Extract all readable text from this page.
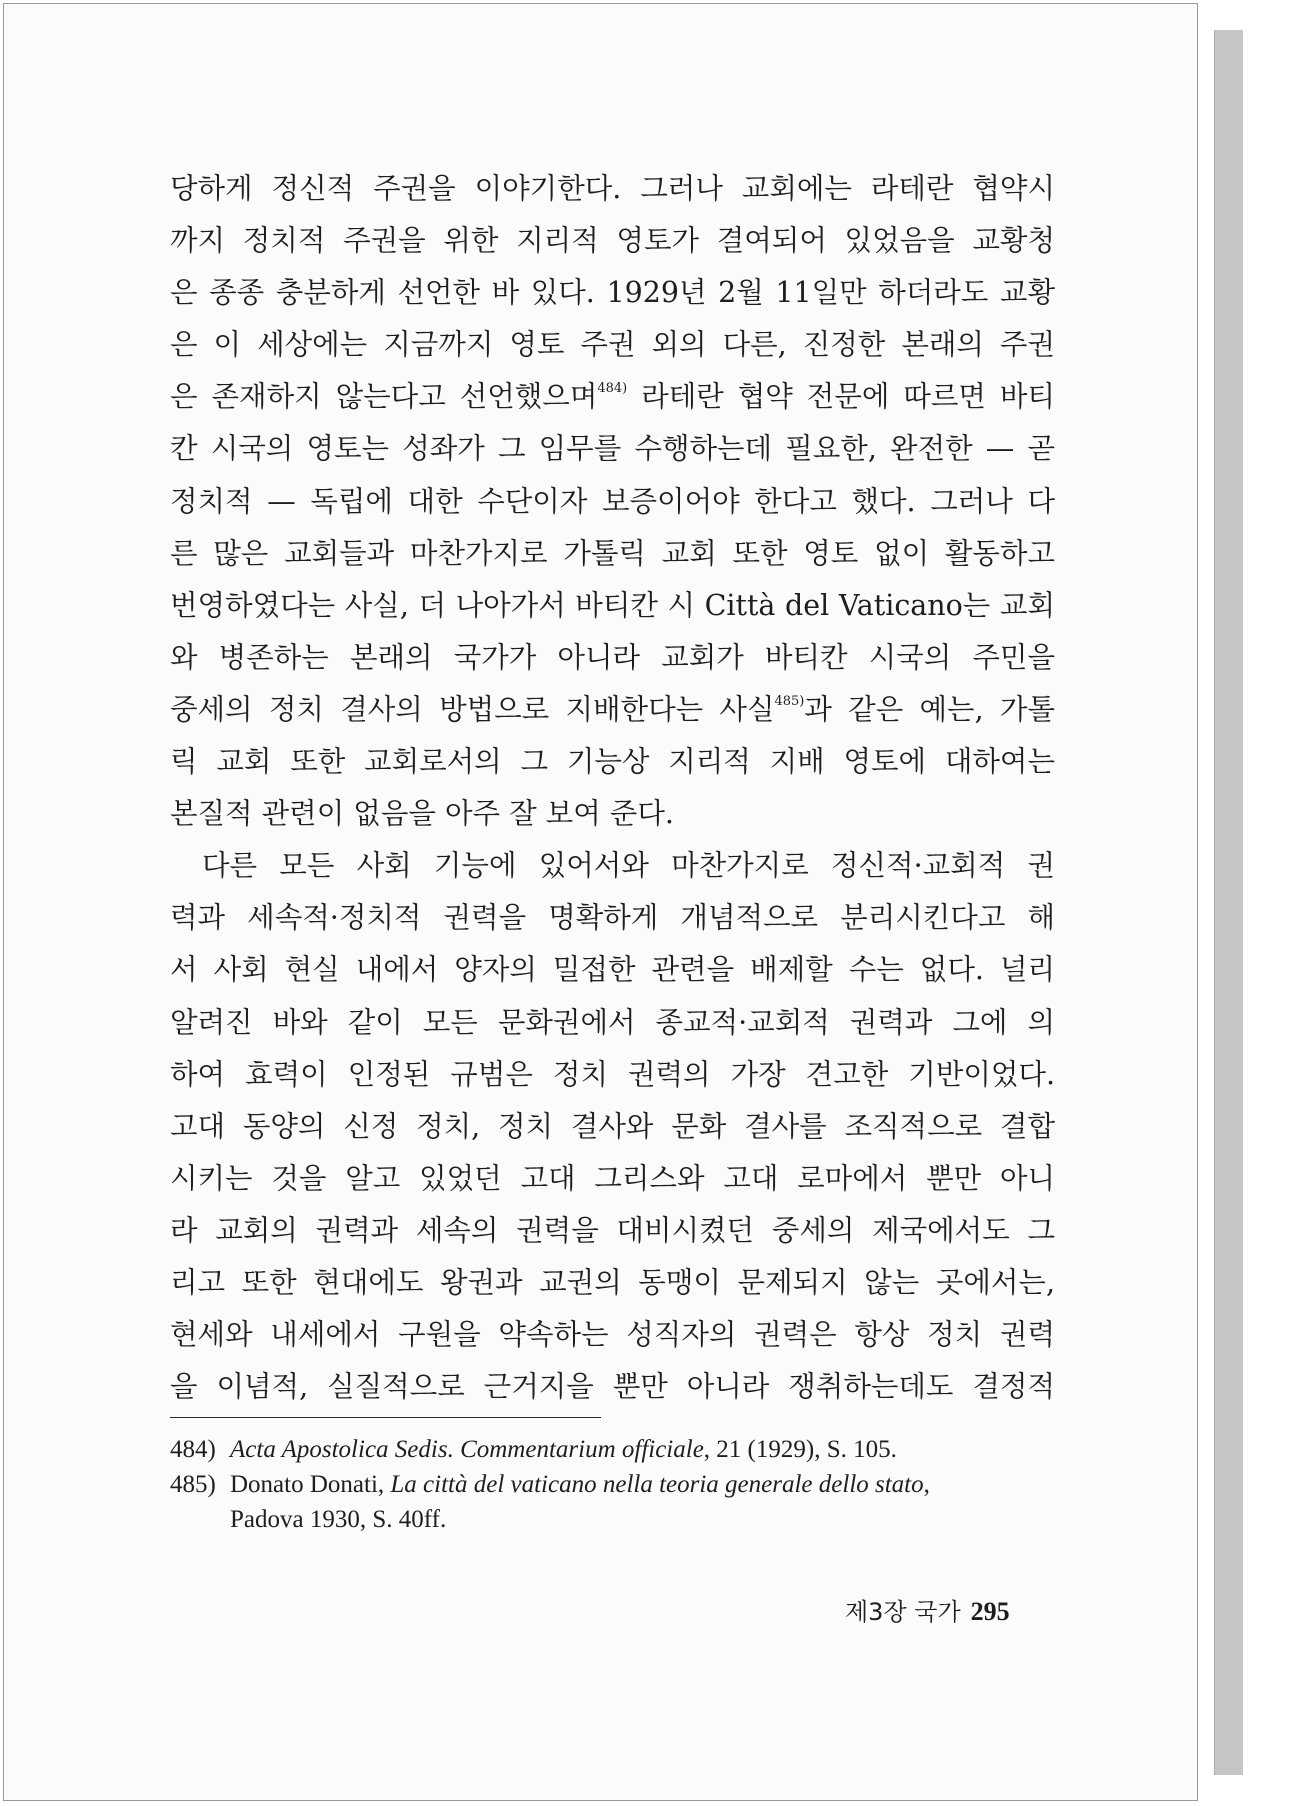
당하게 정신적 주권을 이야기한다. 그러나 교회에는 라테란 협약시
까지 정치적 주권을 위한 지리적 영토가 결여되어 있었음을 교황청
은 종종 충분하게 선언한 바 있다. 1929년 2월 11일만 하더라도 교황
은 이 세상에는 지금까지 영토 주권 외의 다른, 진정한 본래의 주권
은 존재하지 않는다고 선언했으며$^{484)}$ 라테란 협약 전문에 따르면 바티
칸 시국의 영토는 성좌가 그 임무를 수행하는데 필요한, 완전한 — 곧
정치적 — 독립에 대한 수단이자 보증이어야 한다고 했다. 그러나 다
른 많은 교회들과 마찬가지로 가톨릭 교회 또한 영토 없이 활동하고
번영하였다는 사실, 더 나아가서 바티칸 시 Città del Vaticano는 교회
와 병존하는 본래의 국가가 아니라 교회가 바티칸 시국의 주민을
중세의 정치 결사의 방법으로 지배한다는 사실$^{485)}$과 같은 예는, 가톨
릭 교회 또한 교회로서의 그 기능상 지리적 지배 영토에 대하여는
본질적 관련이 없음을 아주 잘 보여 준다.
다른 모든 사회 기능에 있어서와 마찬가지로 정신적·교회적 권
력과 세속적·정치적 권력을 명확하게 개념적으로 분리시킨다고 해
서 사회 현실 내에서 양자의 밀접한 관련을 배제할 수는 없다. 널리
알려진 바와 같이 모든 문화권에서 종교적·교회적 권력과 그에 의
하여 효력이 인정된 규범은 정치 권력의 가장 견고한 기반이었다.
고대 동양의 신정 정치, 정치 결사와 문화 결사를 조직적으로 결합
시키는 것을 알고 있었던 고대 그리스와 고대 로마에서 뿐만 아니
라 교회의 권력과 세속의 권력을 대비시켰던 중세의 제국에서도 그
리고 또한 현대에도 왕권과 교권의 동맹이 문제되지 않는 곳에서는,
현세와 내세에서 구원을 약속하는 성직자의 권력은 항상 정치 권력
을 이념적, 실질적으로 근거지을 뿐만 아니라 쟁취하는데도 결정적
484) Acta Apostolica Sedis. Commentarium officiale, 21 (1929), S. 105.
485) Donato Donati, La città del vaticano nella teoria generale dello stato,
Padova 1930, S. 40ff.
제3장 국가 295
